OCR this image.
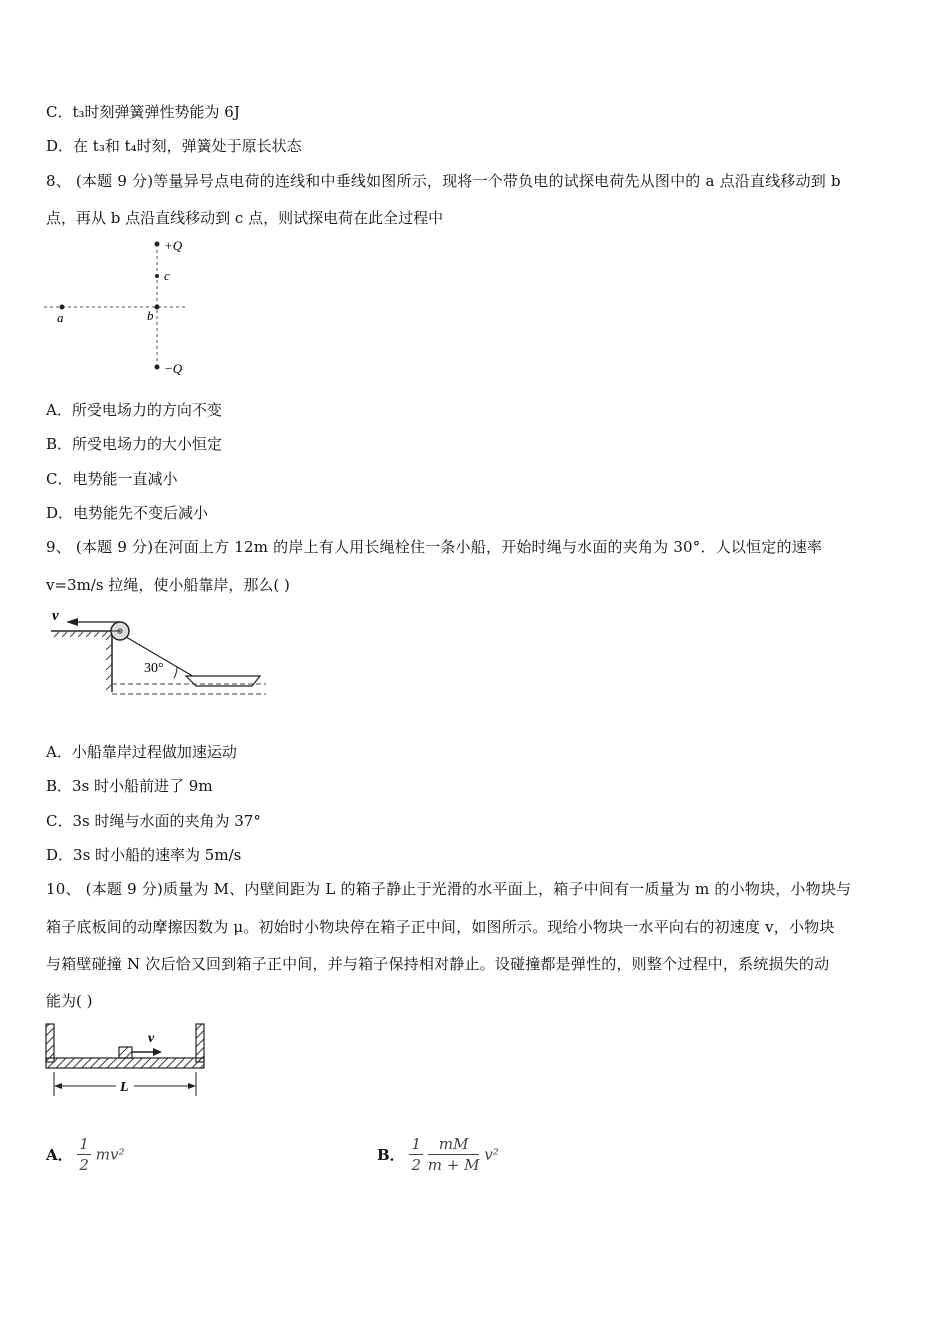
C．t₃时刻弹簧弹性势能为 6J
D．在 t₃和 t₄时刻，弹簧处于原长状态
8、 (本题 9 分)等量异号点电荷的连线和中垂线如图所示，现将一个带负电的试探电荷先从图中的 a 点沿直线移动到 b
点，再从 b 点沿直线移动到 c 点，则试探电荷在此全过程中
+Q
c
a	b
−Q
A．所受电场力的方向不变
B．所受电场力的大小恒定
C．电势能一直减小
D．电势能先不变后减小
9、 (本题 9 分)在河面上方 12m 的岸上有人用长绳栓住一条小船，开始时绳与水面的夹角为 30°．人以恒定的速率
v=3m/s 拉绳，使小船靠岸，那么( )
v
30°
A．小船靠岸过程做加速运动
B．3s 时小船前进了 9m
C．3s 时绳与水面的夹角为 37°
D．3s 时小船的速率为 5m/s
10、 (本题 9 分)质量为 M、内壁间距为 L 的箱子静止于光滑的水平面上，箱子中间有一质量为 m 的小物块，小物块与
箱子底板间的动摩擦因数为 μ。初始时小物块停在箱子正中间，如图所示。现给小物块一水平向右的初速度 v，小物块
与箱壁碰撞 N 次后恰又回到箱子正中间，并与箱子保持相对静止。设碰撞都是弹性的，则整个过程中，系统损失的动
能为( )
v
L
A． $\frac{1}{2} mv^2$	B． $\frac{1}{2}$
$\frac{mM}{m + M} v^2$
